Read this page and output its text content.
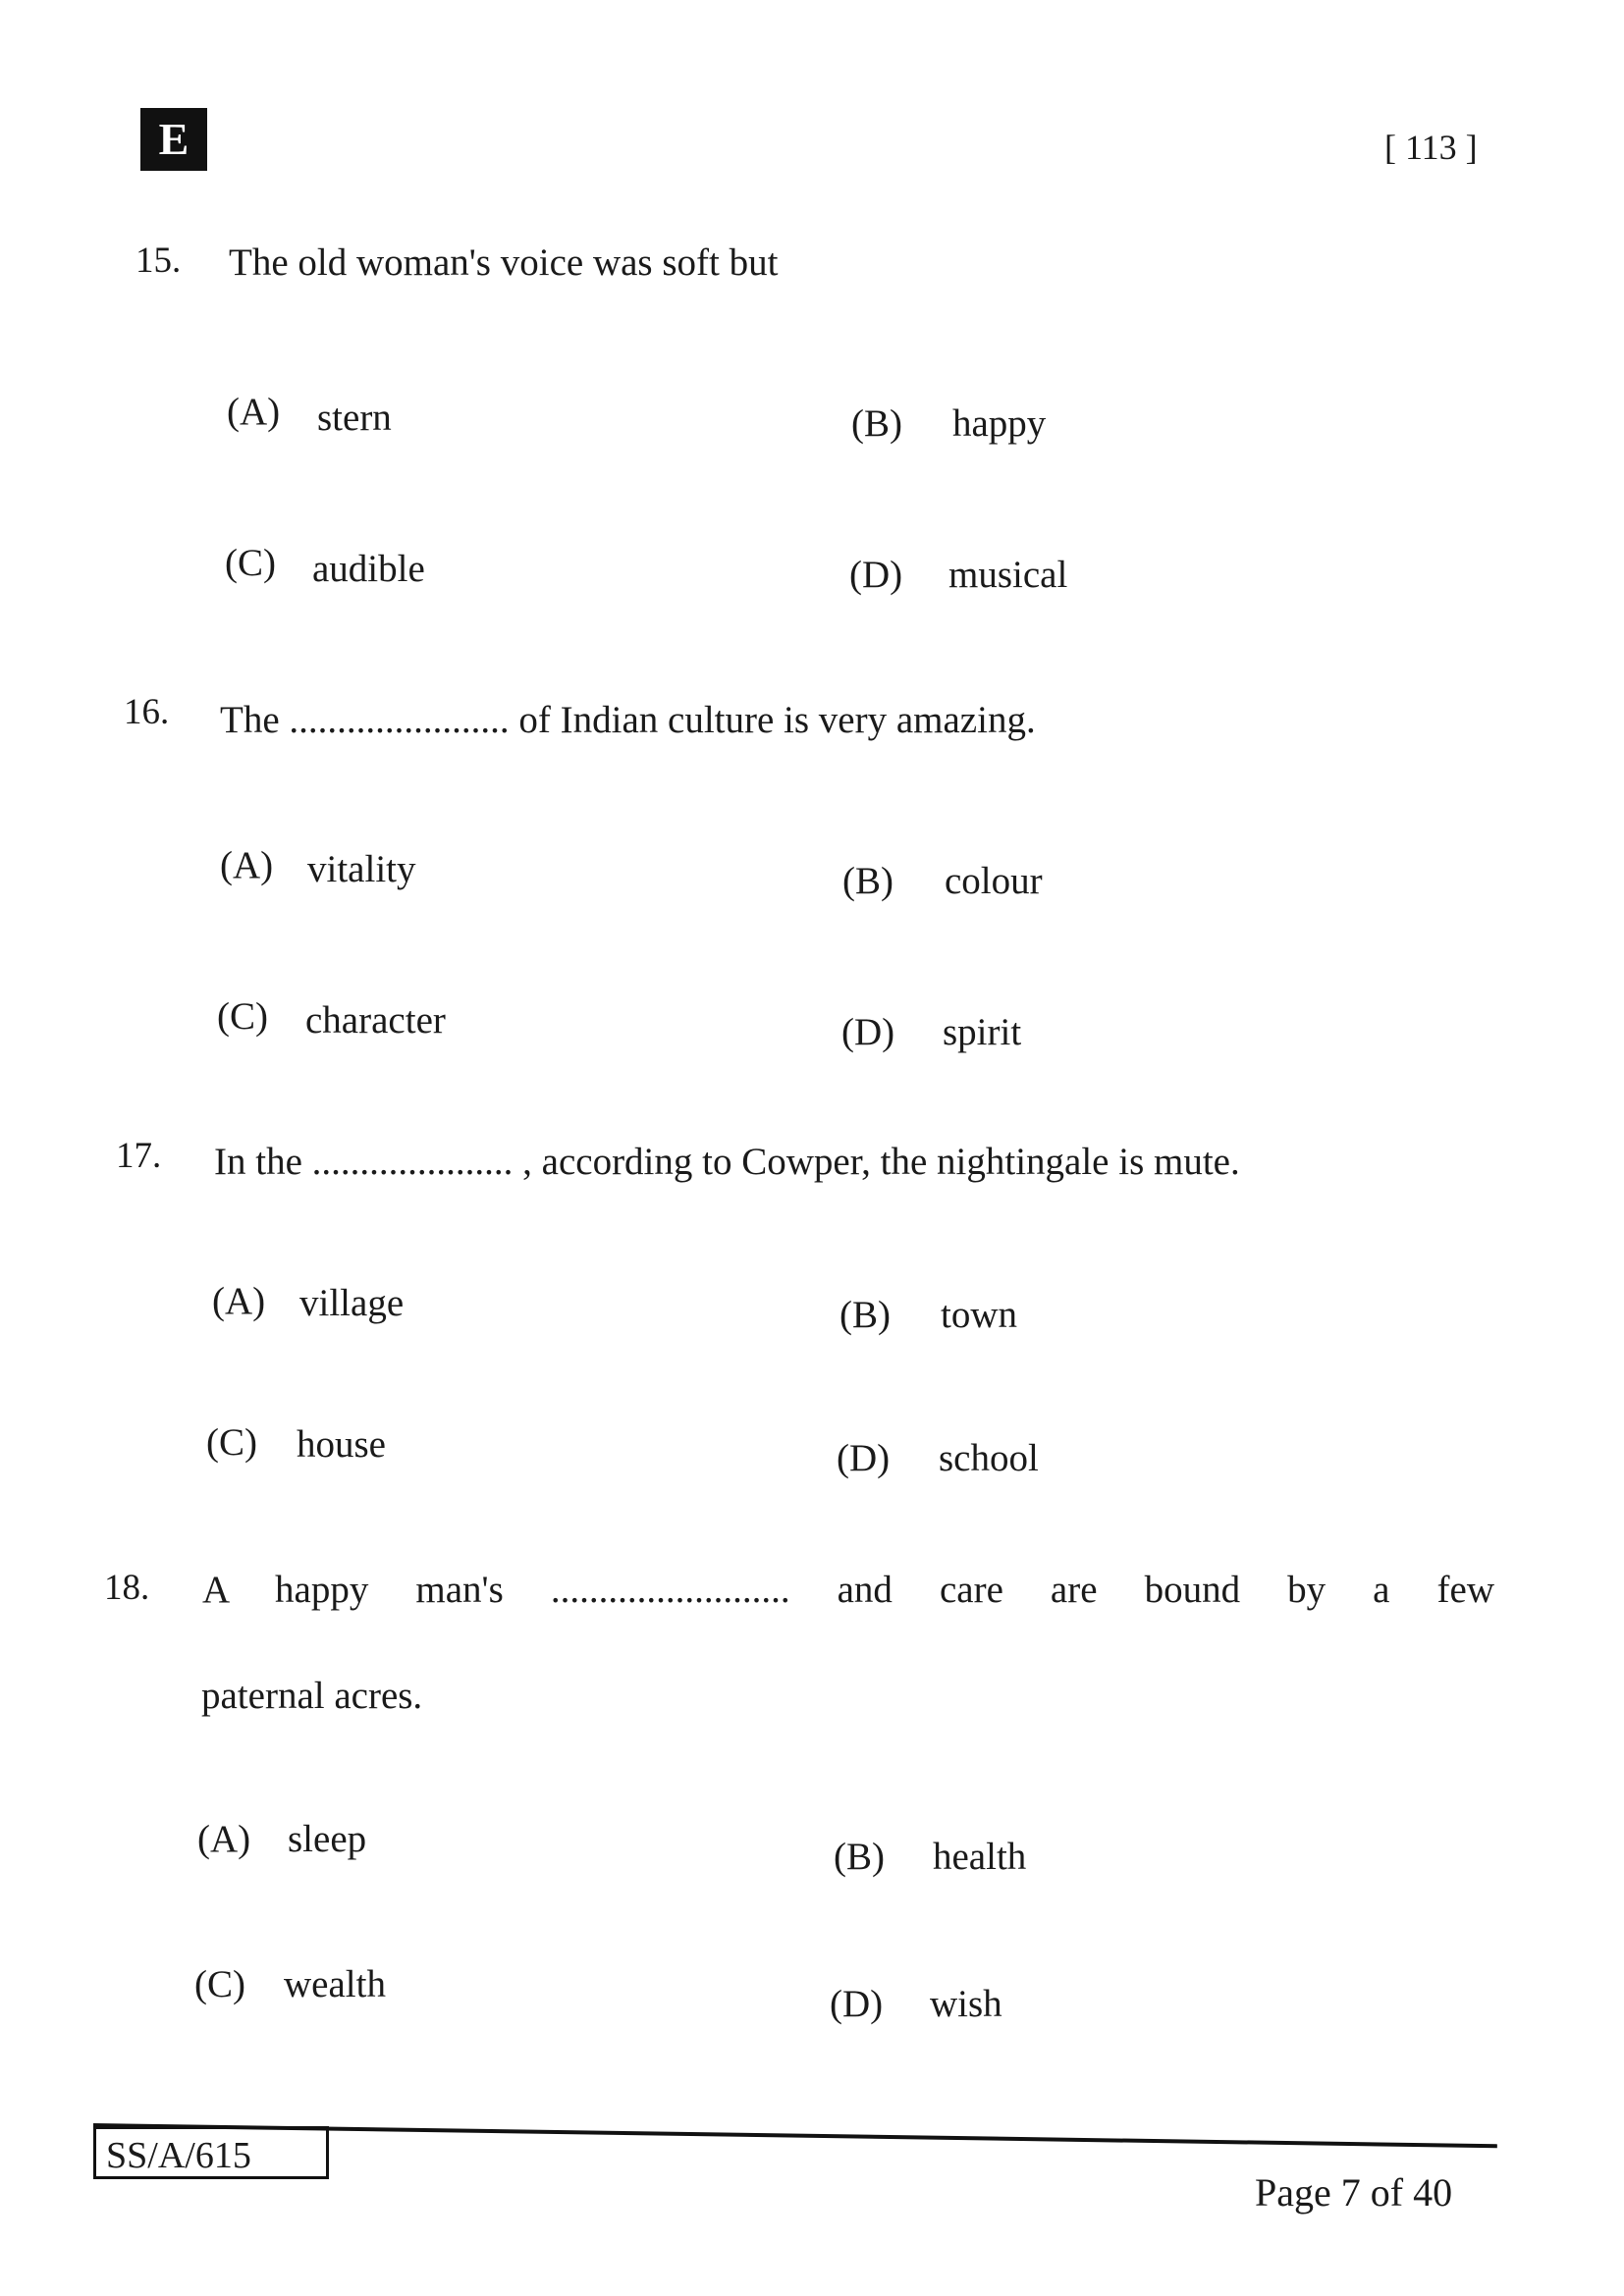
E	[ 113 ]
15. The old woman's voice was soft but
(A) stern	(B) happy
(C) audible	(D) musical
16. The ....................... of Indian culture is very amazing.
(A) vitality	(B) colour
(C) character	(D) spirit
17. In the ..................... , according to Cowper, the nightingale is mute.
(A) village	(B) town
(C) house	(D) school
18. A happy man's ......................... and care are bound by a few
paternal acres.
(A) sleep	(B) health
(C) wealth	(D) wish
SS/A/615
Page 7 of 40
